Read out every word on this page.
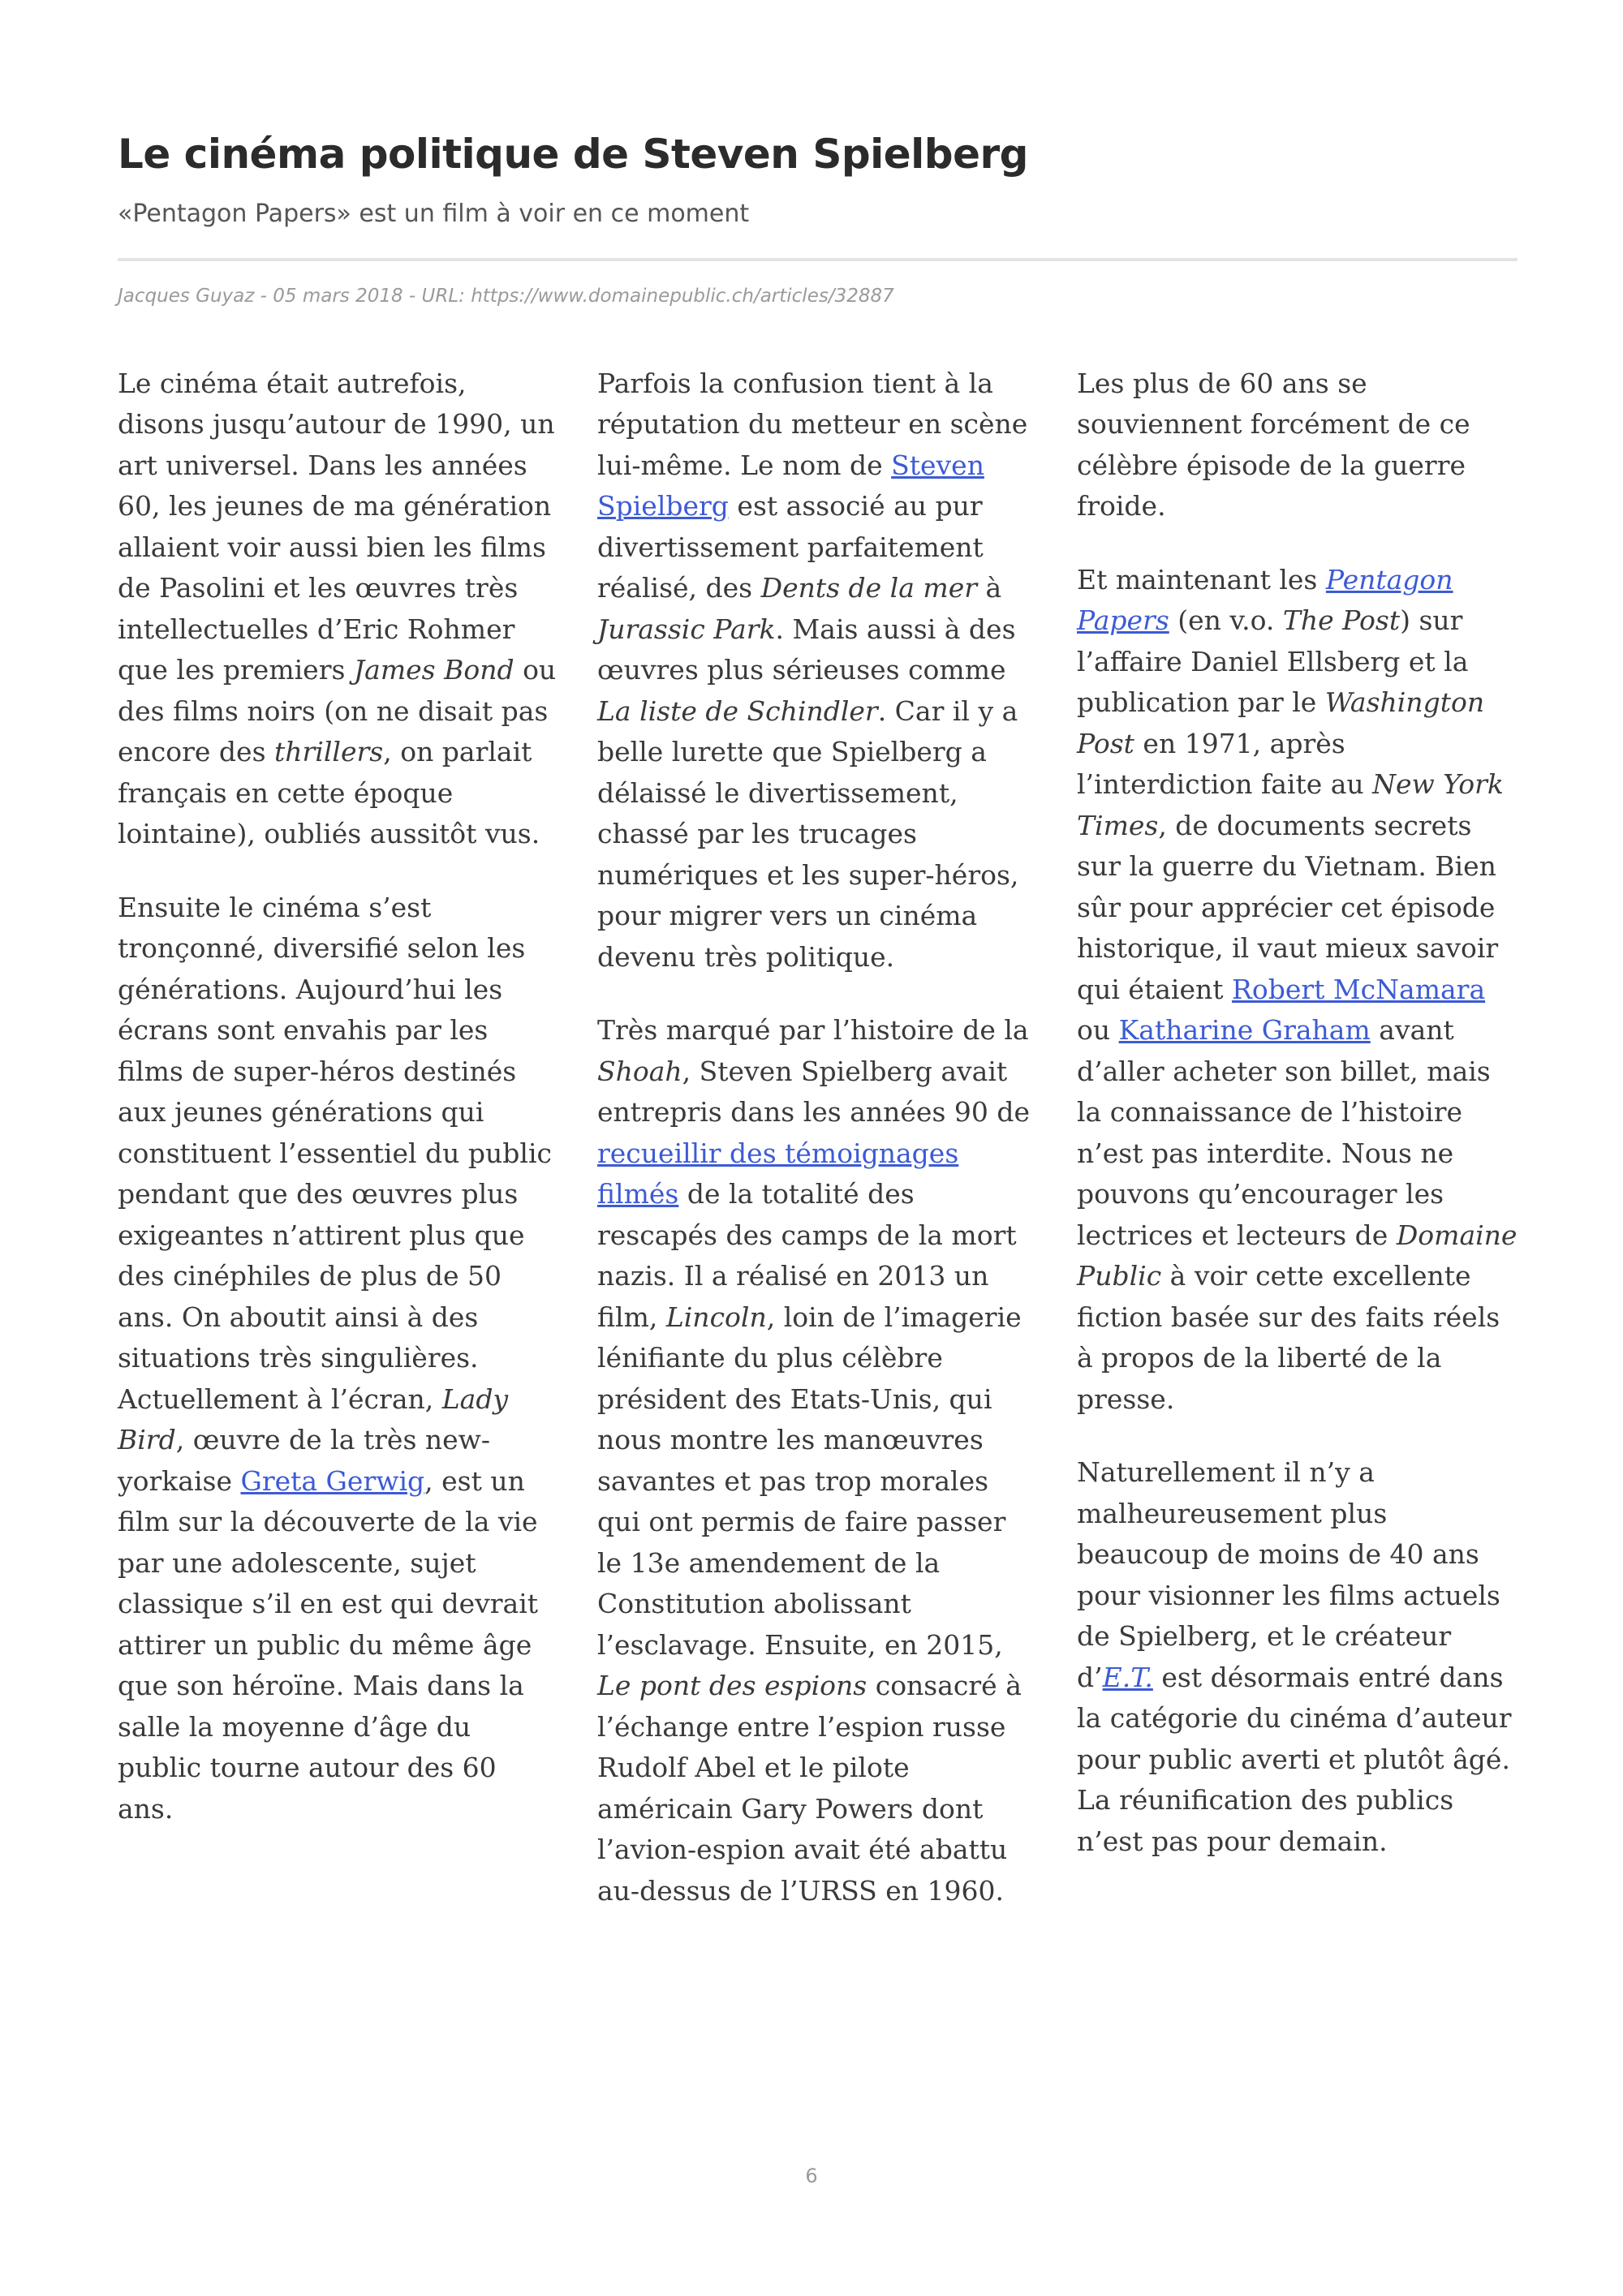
Le cinéma politique de Steven Spielberg
«Pentagon Papers» est un film à voir en ce moment
Jacques Guyaz - 05 mars 2018 - URL: https://www.domainepublic.ch/articles/32887

Le cinéma était autrefois, disons jusqu’autour de 1990, un art universel. Dans les années 60, les jeunes de ma génération allaient voir aussi bien les films de Pasolini et les œuvres très intellectuelles d’Eric Rohmer que les premiers James Bond ou des films noirs (on ne disait pas encore des thrillers, on parlait français en cette époque lointaine), oubliés aussitôt vus.

Ensuite le cinéma s’est tronçonné, diversifié selon les générations. Aujourd’hui les écrans sont envahis par les films de super-héros destinés aux jeunes générations qui constituent l’essentiel du public pendant que des œuvres plus exigeantes n’attirent plus que des cinéphiles de plus de 50 ans. On aboutit ainsi à des situations très singulières. Actuellement à l’écran, Lady Bird, œuvre de la très new-yorkaise Greta Gerwig, est un film sur la découverte de la vie par une adolescente, sujet classique s’il en est qui devrait attirer un public du même âge que son héroïne. Mais dans la salle la moyenne d’âge du public tourne autour des 60 ans.

Parfois la confusion tient à la réputation du metteur en scène lui-même. Le nom de Steven Spielberg est associé au pur divertissement parfaitement réalisé, des Dents de la mer à Jurassic Park. Mais aussi à des œuvres plus sérieuses comme La liste de Schindler. Car il y a belle lurette que Spielberg a délaissé le divertissement, chassé par les trucages numériques et les super-héros, pour migrer vers un cinéma devenu très politique.

Très marqué par l’histoire de la Shoah, Steven Spielberg avait entrepris dans les années 90 de recueillir des témoignages filmés de la totalité des rescapés des camps de la mort nazis. Il a réalisé en 2013 un film, Lincoln, loin de l’imagerie lénifiante du plus célèbre président des Etats-Unis, qui nous montre les manœuvres savantes et pas trop morales qui ont permis de faire passer le 13e amendement de la Constitution abolissant l’esclavage. Ensuite, en 2015, Le pont des espions consacré à l’échange entre l’espion russe Rudolf Abel et le pilote américain Gary Powers dont l’avion-espion avait été abattu au-dessus de l’URSS en 1960.

Les plus de 60 ans se souviennent forcément de ce célèbre épisode de la guerre froide.

Et maintenant les Pentagon Papers (en v.o. The Post) sur l’affaire Daniel Ellsberg et la publication par le Washington Post en 1971, après l’interdiction faite au New York Times, de documents secrets sur la guerre du Vietnam. Bien sûr pour apprécier cet épisode historique, il vaut mieux savoir qui étaient Robert McNamara ou Katharine Graham avant d’aller acheter son billet, mais la connaissance de l’histoire n’est pas interdite. Nous ne pouvons qu’encourager les lectrices et lecteurs de Domaine Public à voir cette excellente fiction basée sur des faits réels à propos de la liberté de la presse.

Naturellement il n’y a malheureusement plus beaucoup de moins de 40 ans pour visionner les films actuels de Spielberg, et le créateur d’E.T. est désormais entré dans la catégorie du cinéma d’auteur pour public averti et plutôt âgé. La réunification des publics n’est pas pour demain.

6
